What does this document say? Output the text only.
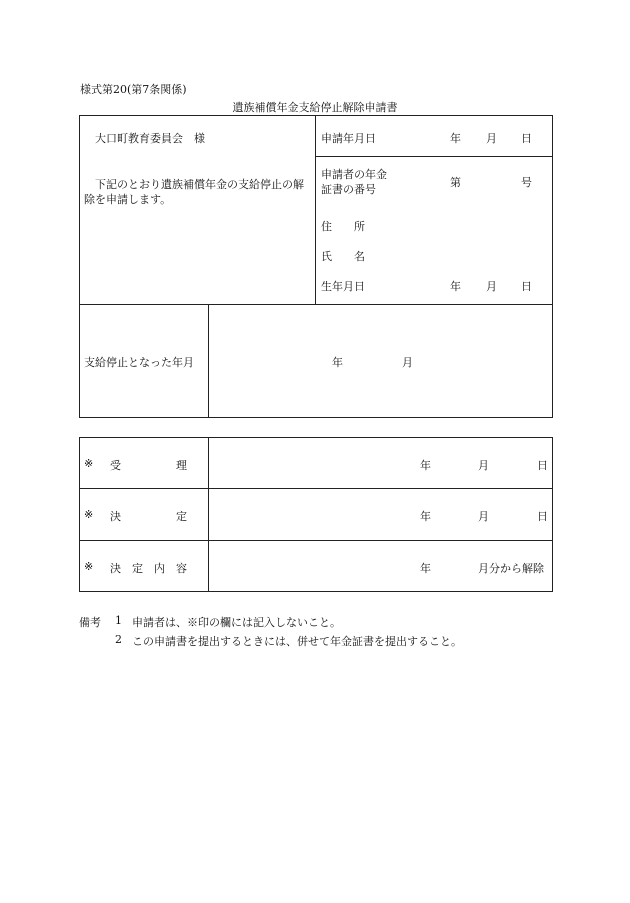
様式第20(第7条関係)
遺族補償年金支給停止解除申請書
大口町教育委員会　様
下記のとおり遺族補償年金の支給停止の解除を申請します。
申請年月日	年 月 日
申請者の年金
証書の番号
第	号
住　　所
氏　　名
生年月日	年 月 日
支給停止となった年月	年	月
※ 受　　　　　理	年	月	日
※ 決　　　　　定	年	月	日
※ 決　定　内　容	年	月分から解除
備考 1 申請者は、※印の欄には記入しないこと。
2 この申請書を提出するときには、併せて年金証書を提出すること。
